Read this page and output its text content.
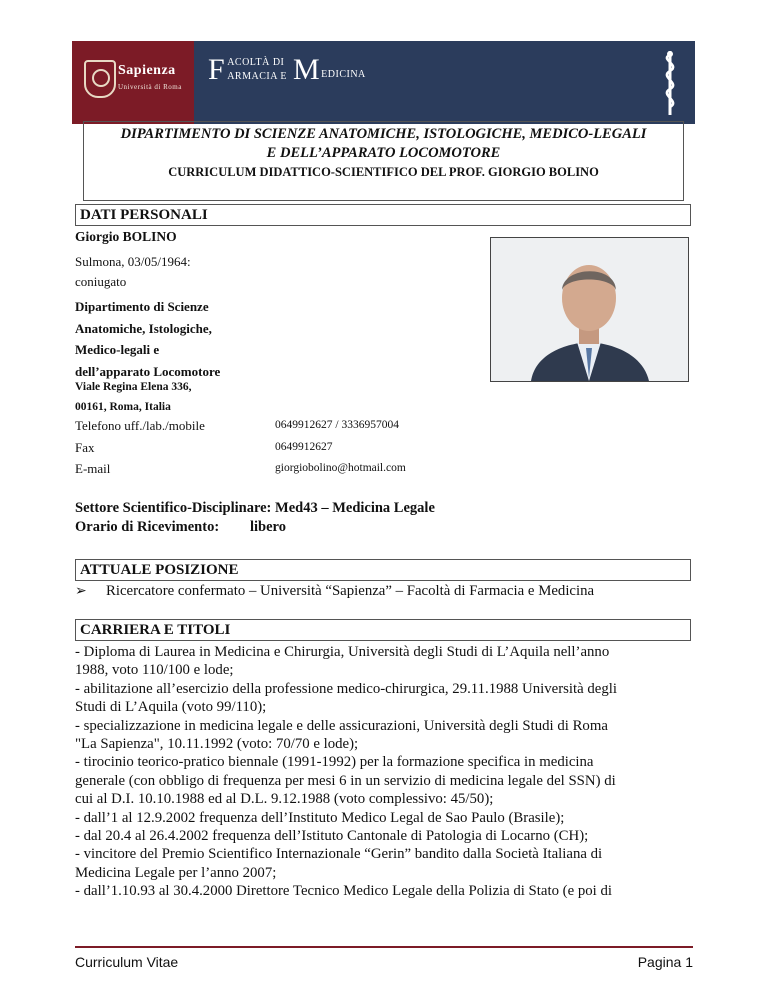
Sapienza
Università di Roma
F	ACOLTÀ DI	M	EDICINA
ARMACIA E
DIPARTIMENTO DI SCIENZE ANATOMICHE, ISTOLOGICHE, MEDICO-LEGALI
E DELL’APPARATO LOCOMOTORE
CURRICULUM DIDATTICO-SCIENTIFICO DEL PROF. GIORGIO BOLINO
DATI PERSONALI
Giorgio BOLINO
Sulmona, 03/05/1964:
coniugato
Dipartimento di Scienze
Anatomiche, Istologiche,
Medico-legali e
dell’apparato Locomotore
Viale Regina Elena 336,
00161, Roma, Italia
Telefono uff./lab./mobile	0649912627 / 3336957004
Fax	0649912627
E-mail	giorgiobolino@hotmail.com
Settore Scientifico-Disciplinare: Med43 – Medicina Legale
Orario di Ricevimento: libero
ATTUALE POSIZIONE
➢ Ricercatore confermato – Università “Sapienza” – Facoltà di Farmacia e Medicina
CARRIERA E TITOLI
- Diploma di Laurea in Medicina e Chirurgia, Università degli Studi di L’Aquila nell’anno
1988, voto 110/100 e lode;
- abilitazione all’esercizio della professione medico-chirurgica, 29.11.1988 Università degli
Studi di L’Aquila (voto 99/110);
- specializzazione in medicina legale e delle assicurazioni, Università degli Studi di Roma
"La Sapienza", 10.11.1992 (voto: 70/70 e lode);
- tirocinio teorico-pratico biennale (1991-1992) per la formazione specifica in medicina
generale (con obbligo di frequenza per mesi 6 in un servizio di medicina legale del SSN) di
cui al D.I. 10.10.1988 ed al D.L. 9.12.1988 (voto complessivo: 45/50);
- dall’1 al 12.9.2002 frequenza dell’Instituto Medico Legal de Sao Paulo (Brasile);
- dal 20.4 al 26.4.2002 frequenza dell’Istituto Cantonale di Patologia di Locarno (CH);
- vincitore del Premio Scientifico Internazionale “Gerin” bandito dalla Società Italiana di
Medicina Legale per l’anno 2007;
- dall’1.10.93 al 30.4.2000 Direttore Tecnico Medico Legale della Polizia di Stato (e poi di
Curriculum Vitae	Pagina 1
